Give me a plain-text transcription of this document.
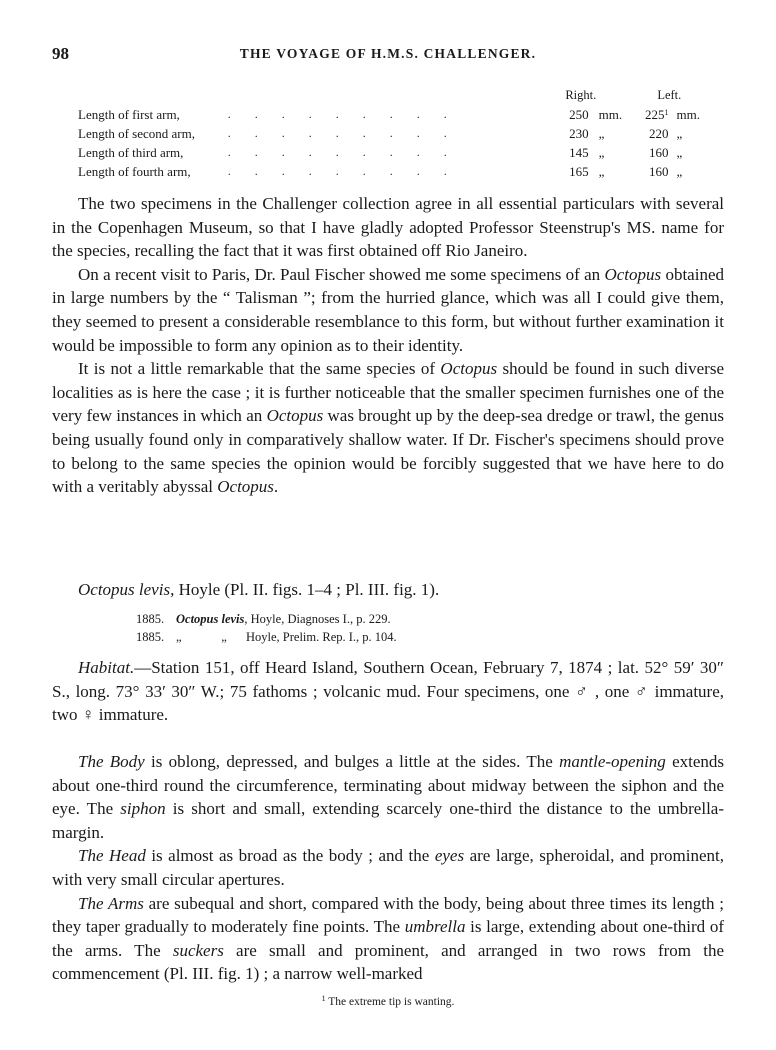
98	THE VOYAGE OF H.M.S. CHALLENGER.
		Right.		Left.	
Length of first arm,	.        .        .        .        .        .        .        .        .	250	mm.	$225^1$	mm.
Length of second arm,	.        .        .        .        .        .        .        .        .	230	„	220	„
Length of third arm,	.        .        .        .        .        .        .        .        .	145	„	160	„
Length of fourth arm,	.        .        .        .        .        .        .        .        .	165	„	160	„

The two specimens in the Challenger collection agree in all essential particulars with several in the Copenhagen Museum, so that I have gladly adopted Professor Steenstrup's MS. name for the species, recalling the fact that it was first obtained off Rio Janeiro.

On a recent visit to Paris, Dr. Paul Fischer showed me some specimens of an Octopus obtained in large numbers by the “ Talisman ”; from the hurried glance, which was all I could give them, they seemed to present a considerable resemblance to this form, but without further examination it would be impossible to form any opinion as to their identity.

It is not a little remarkable that the same species of Octopus should be found in such diverse localities as is here the case ; it is further noticeable that the smaller specimen furnishes one of the very few instances in which an Octopus was brought up by the deep-sea dredge or trawl, the genus being usually found only in comparatively shallow water. If Dr. Fischer's specimens should prove to belong to the same species the opinion would be forcibly suggested that we have here to do with a veritably abyssal Octopus.

Octopus levis, Hoyle (Pl. II. figs. 1–4 ; Pl. III. fig. 1).
1885. Octopus levis, Hoyle, Diagnoses I., p. 229.
1885. „	„ Hoyle, Prelim. Rep. I., p. 104.

Habitat.—Station 151, off Heard Island, Southern Ocean, February 7, 1874 ; lat. 52° 59′ 30″ S., long. 73° 33′ 30″ W.; 75 fathoms ; volcanic mud. Four specimens, one ♂ , one ♂ immature, two ♀ immature.

The Body is oblong, depressed, and bulges a little at the sides. The mantle-opening extends about one-third round the circumference, terminating about midway between the siphon and the eye. The siphon is short and small, extending scarcely one-third the distance to the umbrella-margin.

The Head is almost as broad as the body ; and the eyes are large, spheroidal, and prominent, with very small circular apertures.

The Arms are subequal and short, compared with the body, being about three times its length ; they taper gradually to moderately fine points. The umbrella is large, extending about one-third of the arms. The suckers are small and prominent, and arranged in two rows from the commencement (Pl. III. fig. 1) ; a narrow well-marked

$^1$ The extreme tip is wanting.
